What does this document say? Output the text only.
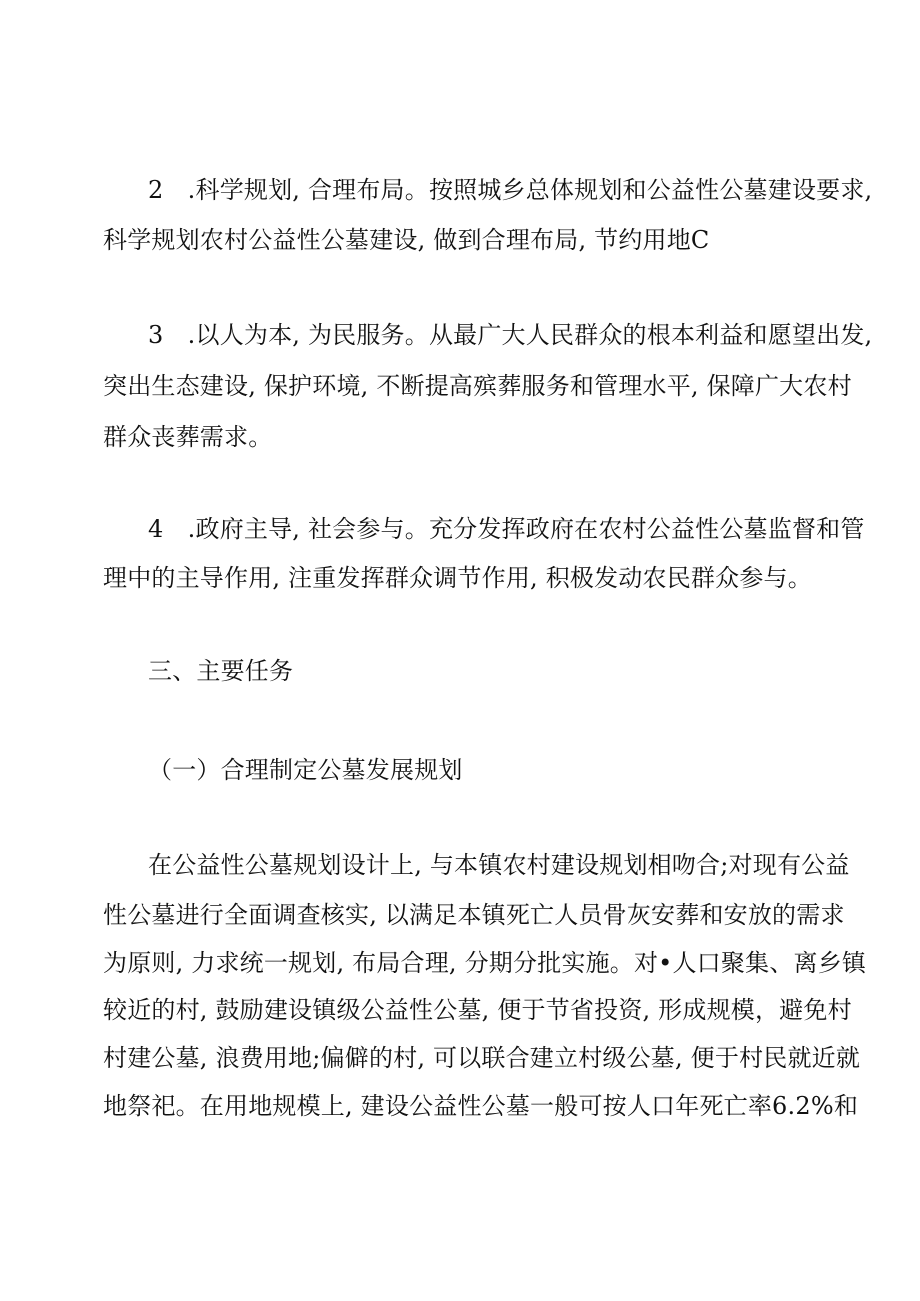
2　.科学规划, 合理布局。按照城乡总体规划和公益性公墓建设要求,
科学规划农村公益性公墓建设, 做到合理布局, 节约用地C
3　.以人为本, 为民服务。从最广大人民群众的根本利益和愿望出发,
突出生态建设, 保护环境, 不断提高殡葬服务和管理水平, 保障广大农村
群众丧葬需求。
4　.政府主导, 社会参与。充分发挥政府在农村公益性公墓监督和管
理中的主导作用, 注重发挥群众调节作用, 积极发动农民群众参与。
三、主要任务
（一）合理制定公墓发展规划
在公益性公墓规划设计上, 与本镇农村建设规划相吻合;对现有公益
性公墓进行全面调查核实, 以满足本镇死亡人员骨灰安葬和安放的需求
为原则, 力求统一规划, 布局合理, 分期分批实施。对•人口聚集、离乡镇
较近的村, 鼓励建设镇级公益性公墓, 便于节省投资, 形成规模，避免村
村建公墓, 浪费用地;偏僻的村, 可以联合建立村级公墓, 便于村民就近就
地祭祀。在用地规模上, 建设公益性公墓一般可按人口年死亡率6.2%和
